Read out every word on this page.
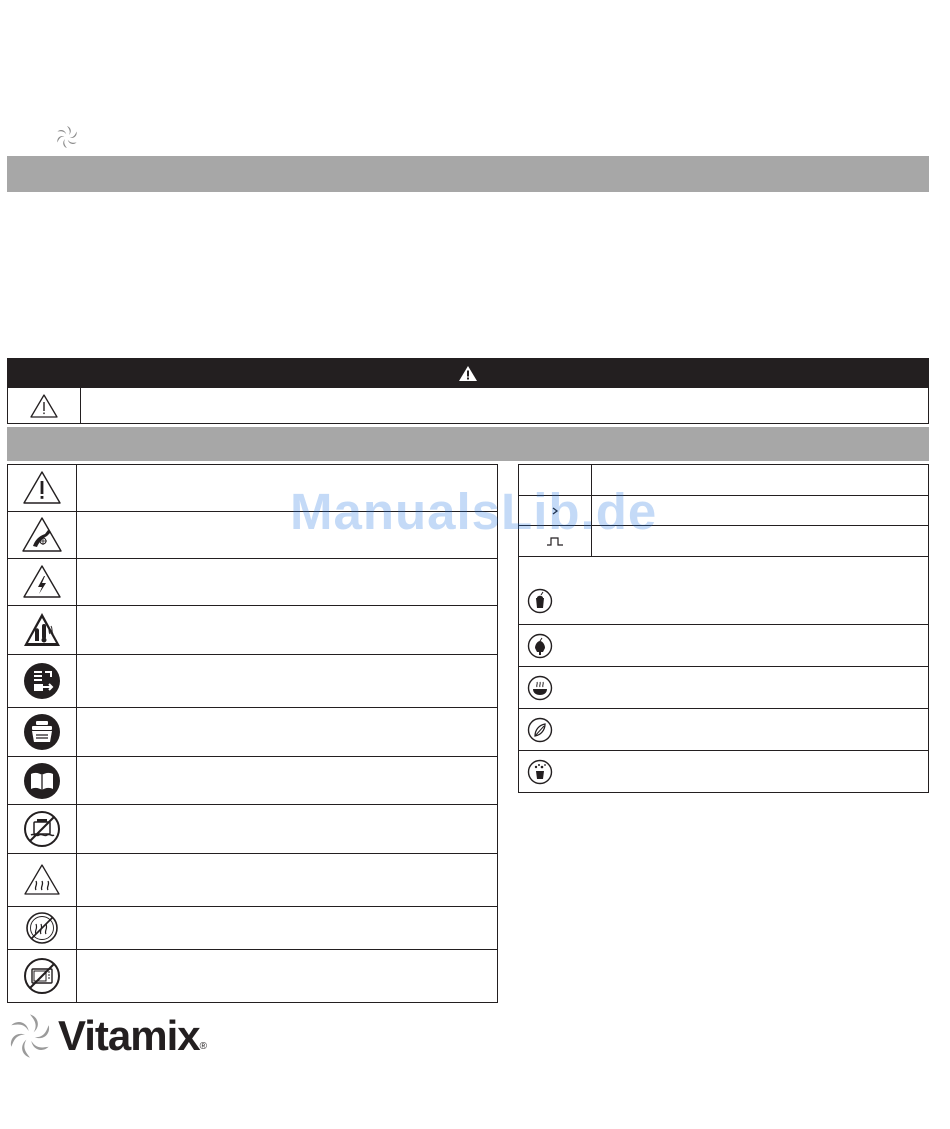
ManualsLib.de
Vitamix ®
